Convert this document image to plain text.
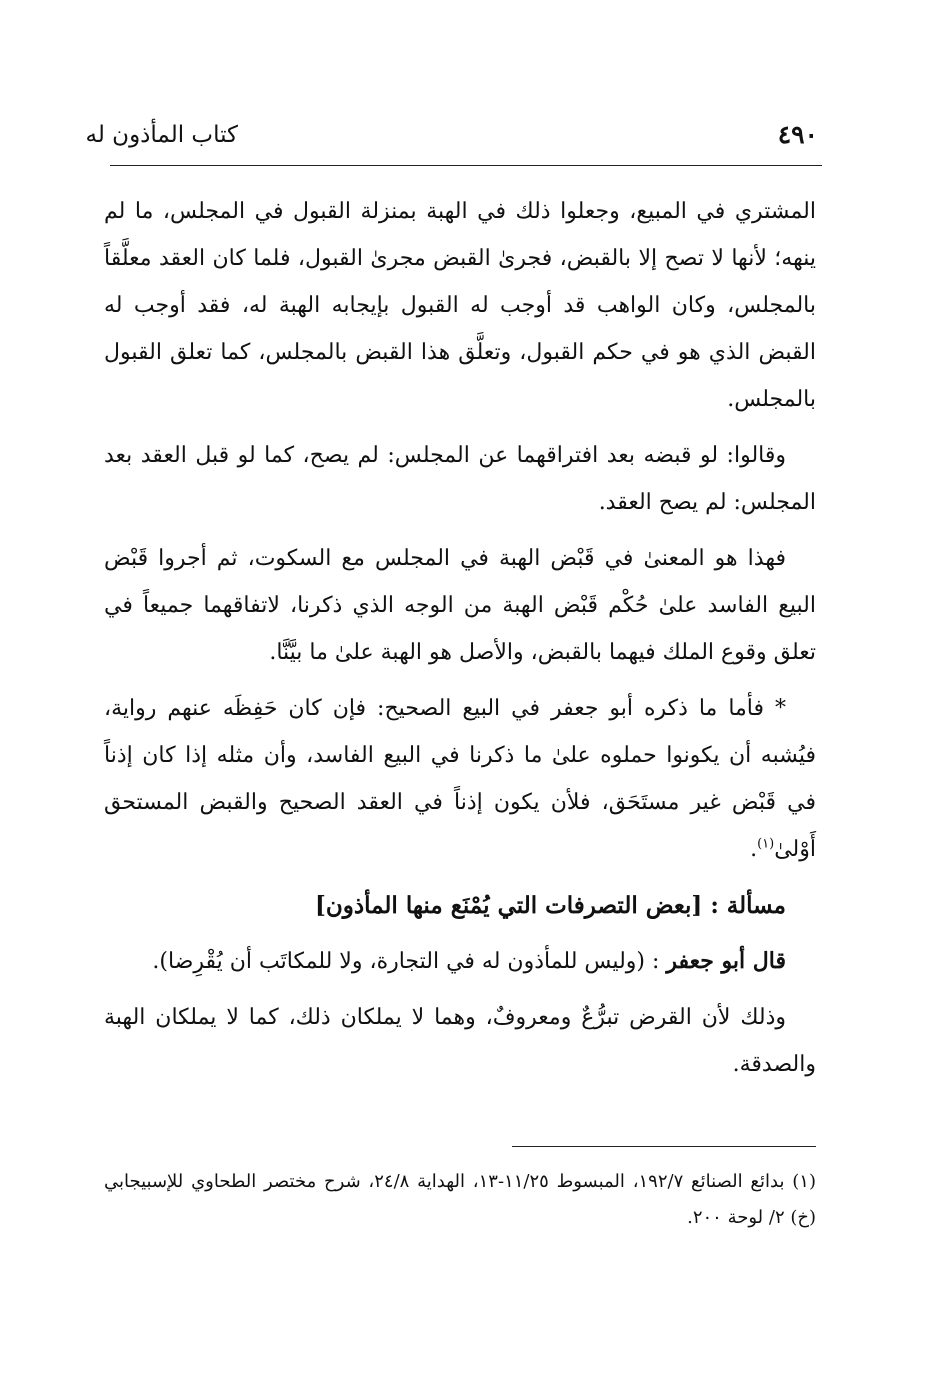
٤٩٠
كتاب المأذون له

المشتري في المبيع، وجعلوا ذلك في الهبة بمنزلة القبول في المجلس، ما لم ينهه؛ لأنها لا تصح إلا بالقبض، فجرىٰ القبض مجرىٰ القبول، فلما كان العقد معلَّقاً بالمجلس، وكان الواهب قد أوجب له القبول بإيجابه الهبة له، فقد أوجب له القبض الذي هو في حكم القبول، وتعلَّق هذا القبض بالمجلس، كما تعلق القبول بالمجلس.

وقالوا: لو قبضه بعد افتراقهما عن المجلس: لم يصح، كما لو قبل العقد بعد المجلس: لم يصح العقد.

فهذا هو المعنىٰ في قَبْض الهبة في المجلس مع السكوت، ثم أجروا قَبْض البيع الفاسد علىٰ حُكْم قَبْض الهبة من الوجه الذي ذكرنا، لاتفاقهما جميعاً في تعلق وقوع الملك فيهما بالقبض، والأصل هو الهبة علىٰ ما بيَّنَّا.

* فأما ما ذكره أبو جعفر في البيع الصحيح: فإن كان حَفِظَه عنهم رواية، فيُشبه أن يكونوا حملوه علىٰ ما ذكرنا في البيع الفاسد، وأن مثله إذا كان إذناً في قَبْض غير مستَحَق، فلأن يكون إذناً في العقد الصحيح والقبض المستحق أَوْلىٰ$^{(١)}$.

مسألة : [بعض التصرفات التي يُمْنَع منها المأذون]

قال أبو جعفر : (وليس للمأذون له في التجارة، ولا للمكاتَب أن يُقْرِضا).

وذلك لأن القرض تبرُّعٌ ومعروفٌ، وهما لا يملكان ذلك، كما لا يملكان الهبة والصدقة.

(١) بدائع الصنائع ١٩٢/٧، المبسوط ١١/٢٥-١٣، الهداية ٢٤/٨، شرح مختصر الطحاوي للإسبيجابي (خ) ٢/ لوحة ٢٠٠.
